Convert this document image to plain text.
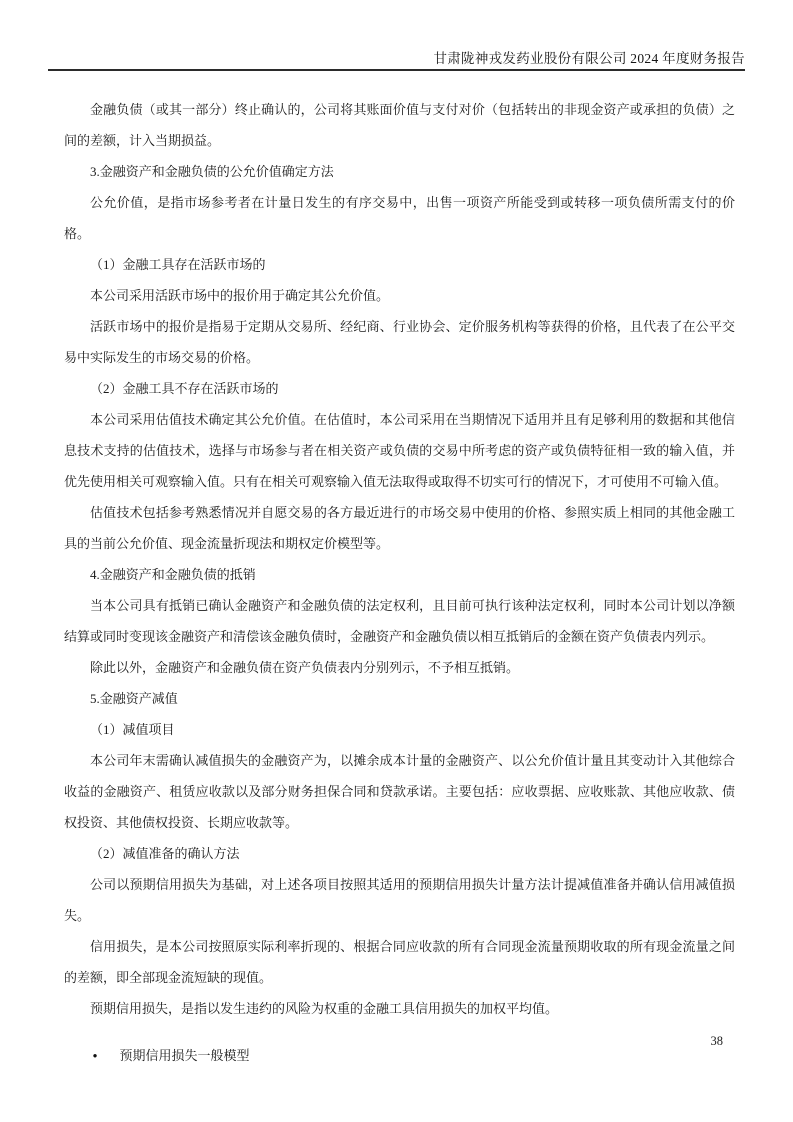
甘肃陇神戎发药业股份有限公司 2024 年度财务报告

金融负债（或其一部分）终止确认的，公司将其账面价值与支付对价（包括转出的非现金资产或承担的负债）之间的差额，计入当期损益。

3.金融资产和金融负债的公允价值确定方法

公允价值，是指市场参考者在计量日发生的有序交易中，出售一项资产所能受到或转移一项负债所需支付的价格。

（1）金融工具存在活跃市场的

本公司采用活跃市场中的报价用于确定其公允价值。

活跃市场中的报价是指易于定期从交易所、经纪商、行业协会、定价服务机构等获得的价格，且代表了在公平交易中实际发生的市场交易的价格。

（2）金融工具不存在活跃市场的

本公司采用估值技术确定其公允价值。在估值时，本公司采用在当期情况下适用并且有足够利用的数据和其他信息技术支持的估值技术，选择与市场参与者在相关资产或负债的交易中所考虑的资产或负债特征相一致的输入值，并优先使用相关可观察输入值。只有在相关可观察输入值无法取得或取得不切实可行的情况下，才可使用不可输入值。

估值技术包括参考熟悉情况并自愿交易的各方最近进行的市场交易中使用的价格、参照实质上相同的其他金融工具的当前公允价值、现金流量折现法和期权定价模型等。

4.金融资产和金融负债的抵销

当本公司具有抵销已确认金融资产和金融负债的法定权利，且目前可执行该种法定权利，同时本公司计划以净额结算或同时变现该金融资产和清偿该金融负债时，金融资产和金融负债以相互抵销后的金额在资产负债表内列示。

除此以外，金融资产和金融负债在资产负债表内分别列示，不予相互抵销。

5.金融资产减值

（1）减值项目

本公司年末需确认减值损失的金融资产为，以摊余成本计量的金融资产、以公允价值计量且其变动计入其他综合收益的金融资产、租赁应收款以及部分财务担保合同和贷款承诺。主要包括：应收票据、应收账款、其他应收款、债权投资、其他债权投资、长期应收款等。

（2）减值准备的确认方法

公司以预期信用损失为基础，对上述各项目按照其适用的预期信用损失计量方法计提减值准备并确认信用减值损失。

信用损失，是本公司按照原实际利率折现的、根据合同应收款的所有合同现金流量预期收取的所有现金流量之间的差额，即全部现金流短缺的现值。

预期信用损失，是指以发生违约的风险为权重的金融工具信用损失的加权平均值。

● 预期信用损失一般模型
38
